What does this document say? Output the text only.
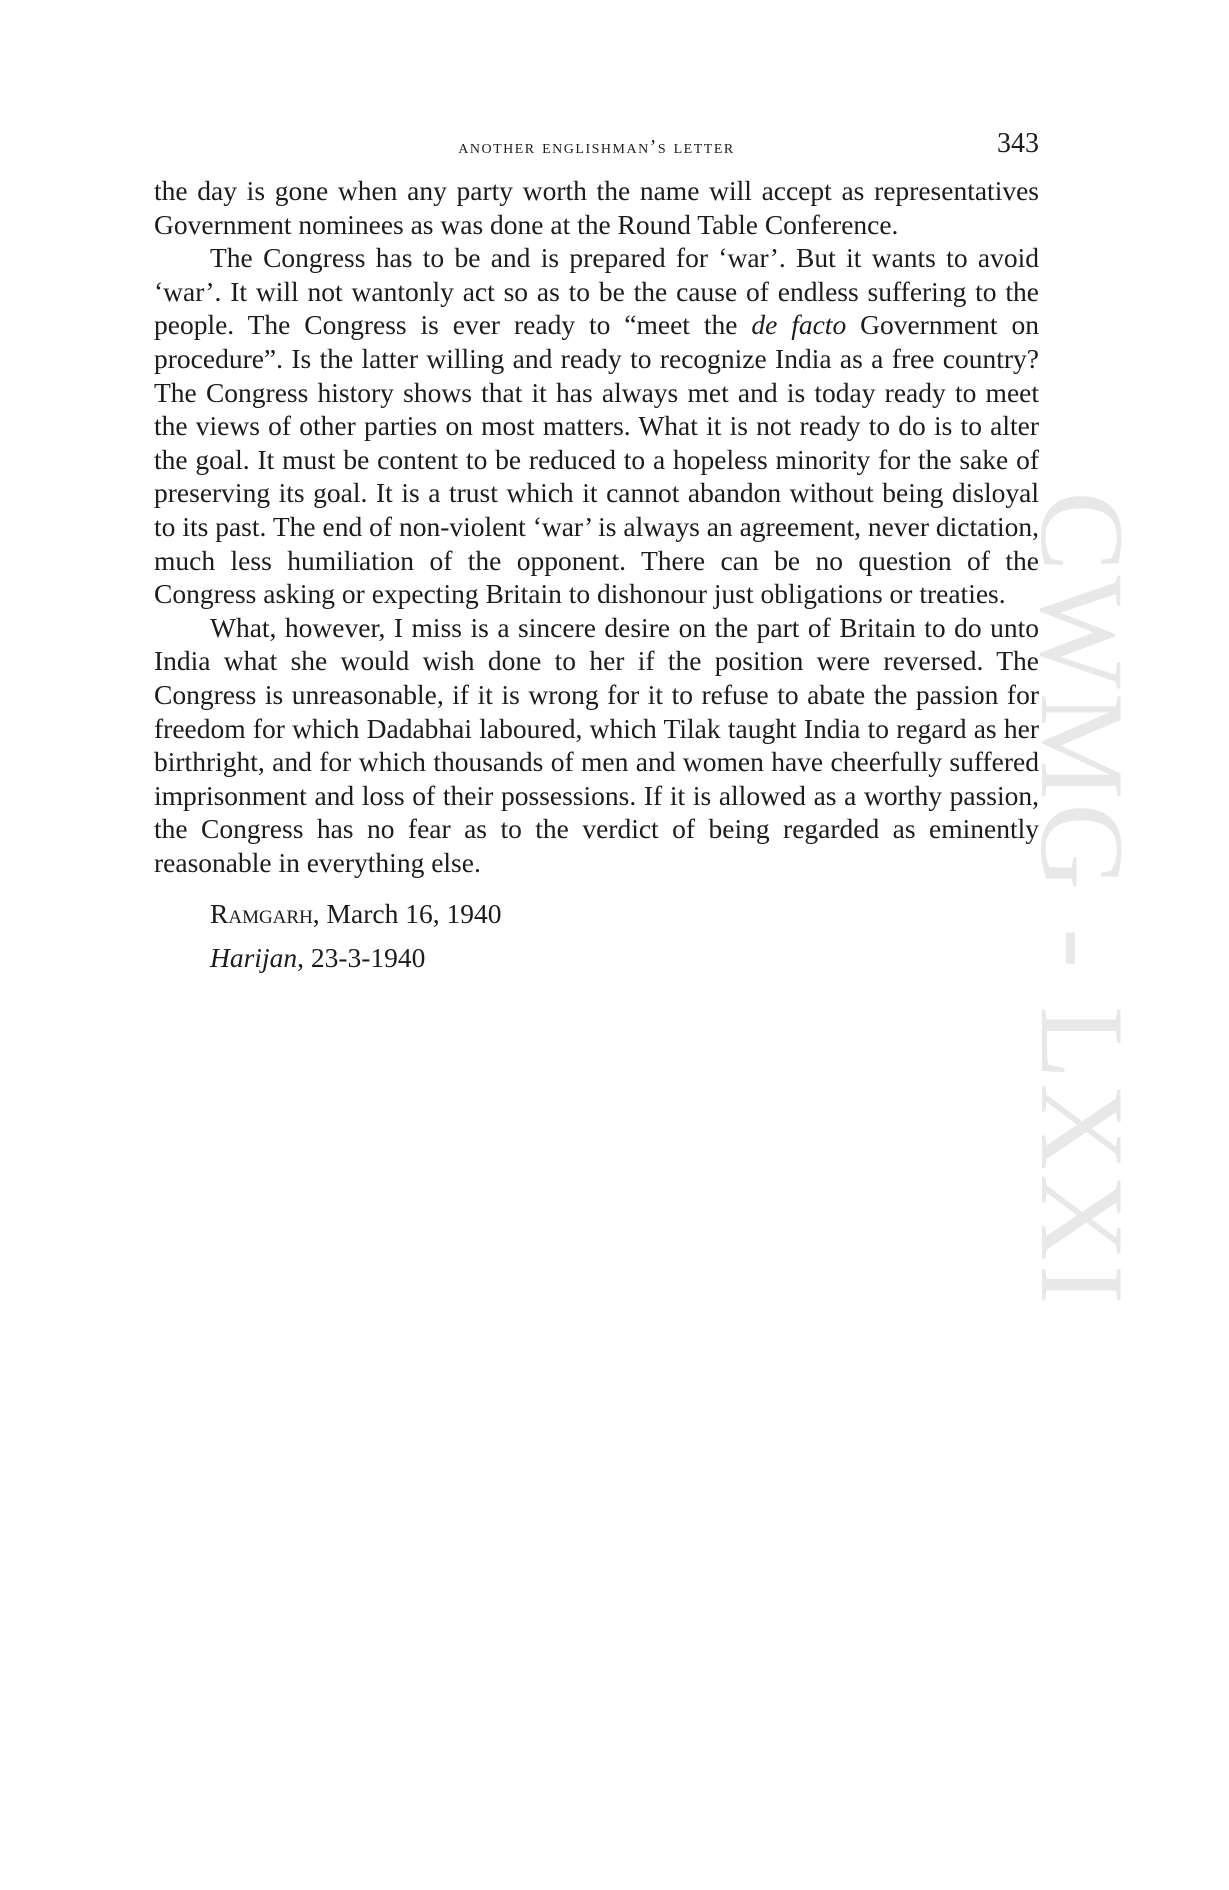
CWMG - LXXI
another englishman’s letter	343

the day is gone when any party worth the name will accept as representatives Government nominees as was done at the Round Table Conference.

The Congress has to be and is prepared for ‘war’. But it wants to avoid ‘war’. It will not wantonly act so as to be the cause of endless suffering to the people. The Congress is ever ready to “meet the de facto Government on procedure”. Is the latter willing and ready to recognize India as a free country? The Congress history shows that it has always met and is today ready to meet the views of other parties on most matters. What it is not ready to do is to alter the goal. It must be content to be reduced to a hopeless minority for the sake of preserving its goal. It is a trust which it cannot abandon without being disloyal to its past. The end of non-violent ‘war’ is always an agreement, never dictation, much less humiliation of the opponent. There can be no question of the Congress asking or expecting Britain to dishonour just obligations or treaties.

What, however, I miss is a sincere desire on the part of Britain to do unto India what she would wish done to her if the position were reversed. The Congress is unreasonable, if it is wrong for it to refuse to abate the passion for freedom for which Dadabhai laboured, which Tilak taught India to regard as her birthright, and for which thousands of men and women have cheerfully suffered imprisonment and loss of their possessions. If it is allowed as a worthy passion, the Congress has no fear as to the verdict of being regarded as eminently reasonable in everything else.

Ramgarh, March 16, 1940
Harijan, 23-3-1940
